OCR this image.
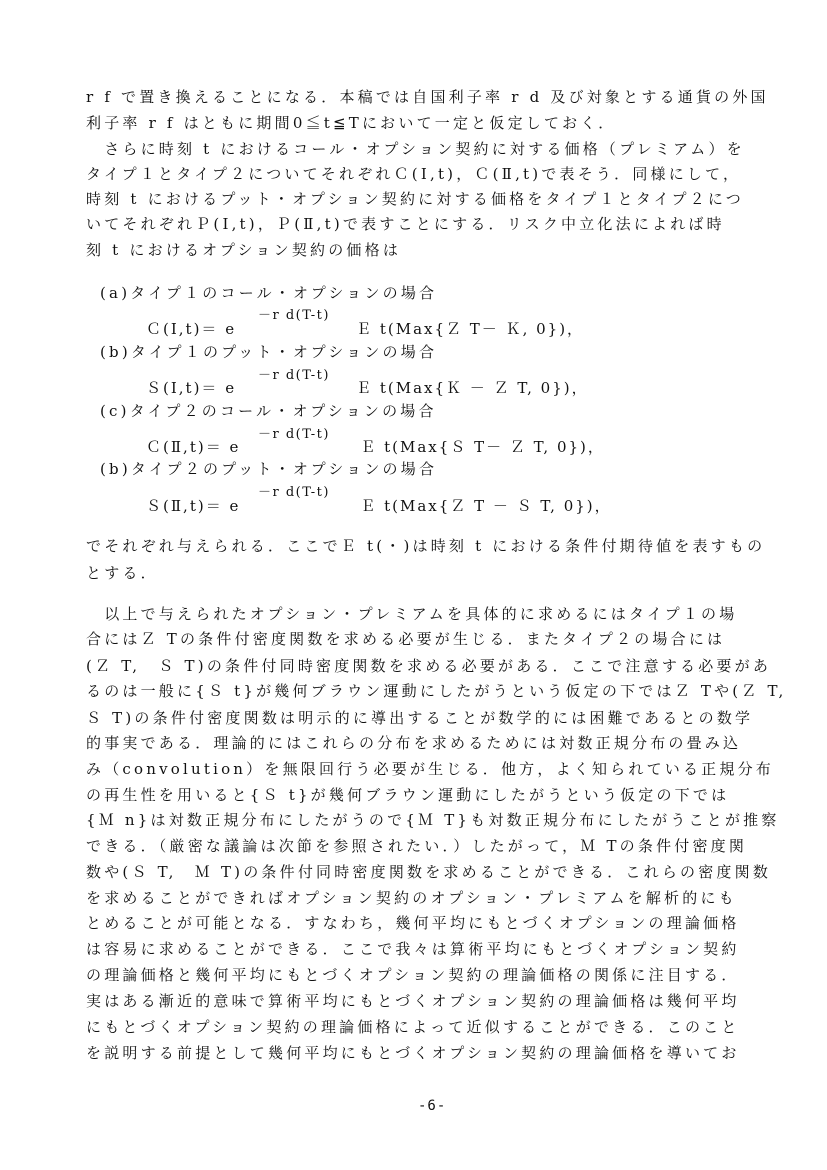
r f で置き換えることになる．本稿では自国利子率 r d 及び対象とする通貨の外国
利子率 r f はともに期間0≦t≦Tにおいて一定と仮定しておく．
　さらに時刻 t におけるコール・オプション契約に対する価格（プレミアム）を
タイプ１とタイプ２についてそれぞれＣ(Ⅰ,t)，Ｃ(Ⅱ,t)で表そう．同様にして，
時刻 t におけるプット・オプション契約に対する価格をタイプ１とタイプ２につ
いてそれぞれＰ(Ⅰ,t)，Ｐ(Ⅱ,t)で表すことにする．リスク中立化法によれば時
刻 t におけるオプション契約の価格は
(a)タイプ１のコール・オプションの場合
－r d(T-t)
Ｃ(Ⅰ,t)＝ e	Ｅ t(Max{Ｚ T－ Ｋ, 0})，
(b)タイプ１のプット・オプションの場合
－r d(T-t)
Ｓ(Ⅰ,t)＝ e	Ｅ t(Max{Ｋ － Ｚ T, 0})，
(c)タイプ２のコール・オプションの場合
－r d(T-t)
Ｃ(Ⅱ,t)＝ e	Ｅ t(Max{Ｓ T－ Ｚ T, 0})，
(b)タイプ２のプット・オプションの場合
－r d(T-t)
Ｓ(Ⅱ,t)＝ e	Ｅ t(Max{Ｚ T － Ｓ T, 0})，
でそれぞれ与えられる．ここでＥ t(・)は時刻 t における条件付期待値を表すもの
とする．
　以上で与えられたオプション・プレミアムを具体的に求めるにはタイプ１の場
合にはＺ Tの条件付密度関数を求める必要が生じる．またタイプ２の場合には
(Ｚ T,　Ｓ T)の条件付同時密度関数を求める必要がある．ここで注意する必要があ
るのは一般に{Ｓ t}が幾何ブラウン運動にしたがうという仮定の下ではＺ Tや(Ｚ T,
Ｓ T)の条件付密度関数は明示的に導出することが数学的には困難であるとの数学
的事実である．理論的にはこれらの分布を求めるためには対数正規分布の畳み込
み（convolution）を無限回行う必要が生じる．他方，よく知られている正規分布
の再生性を用いると{Ｓ t}が幾何ブラウン運動にしたがうという仮定の下では
{Ｍ n}は対数正規分布にしたがうので{Ｍ T}も対数正規分布にしたがうことが推察
できる．（厳密な議論は次節を参照されたい．）したがって，Ｍ Tの条件付密度関
数や(Ｓ T,　Ｍ T)の条件付同時密度関数を求めることができる．これらの密度関数
を求めることができればオプション契約のオプション・プレミアムを解析的にも
とめることが可能となる．すなわち，幾何平均にもとづくオプションの理論価格
は容易に求めることができる．ここで我々は算術平均にもとづくオプション契約
の理論価格と幾何平均にもとづくオプション契約の理論価格の関係に注目する．
実はある漸近的意味で算術平均にもとづくオプション契約の理論価格は幾何平均
にもとづくオプション契約の理論価格によって近似することができる．このこと
を説明する前提として幾何平均にもとづくオプション契約の理論価格を導いてお
-6-
